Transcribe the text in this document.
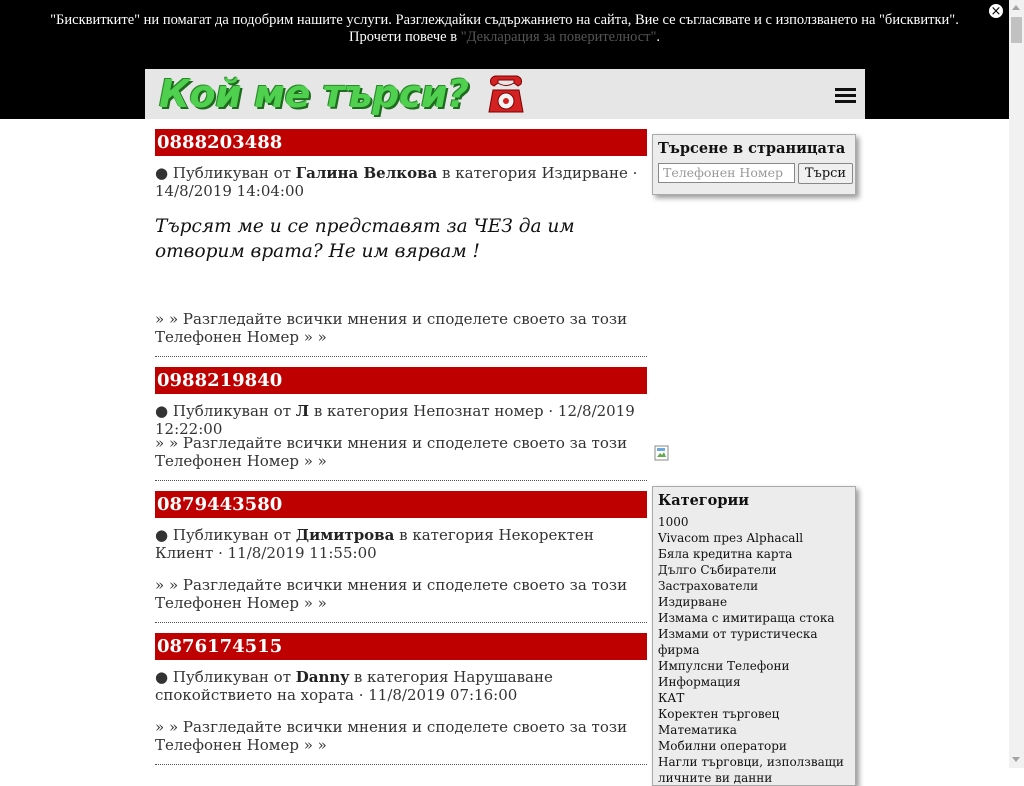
"Бисквитките" ни помагат да подобрим нашите услуги. Разглеждайки съдържанието на сайта, Вие се съгласявате и с използването на "бисквитки".
Прочети повече в "Декларация за поверителност".
×
Кой ме търси?
0888203488
● Публикуван от Галина Велкова в категория Издирване · 14/8/2019 14:04:00
Търсят ме и се представят за ЧЕЗ да им отворим врата? Не им вярвам !
» » Разгледайте всички мнения и споделете своето за този Телефонен Номер » »
0988219840
● Публикуван от Л в категория Непознат номер · 12/8/2019 12:22:00
» » Разгледайте всички мнения и споделете своето за този Телефонен Номер » »
0879443580
● Публикуван от Димитрова в категория Некоректен Клиент · 11/8/2019 11:55:00
» » Разгледайте всички мнения и споделете своето за този Телефонен Номер » »
0876174515
● Публикуван от Danny в категория Нарушаване спокойствието на хората · 11/8/2019 07:16:00
» » Разгледайте всички мнения и споделете своето за този Телефонен Номер » »
Търсене в страницата
Телефонен Номер	Търси
Категории
1000
Vivacom през Alphacall
Бяла кредитна карта
Дълго Събиратели
Застрахователи
Издирване
Измама с имитираща стока
Измами от туристическа фирма
Импулсни Телефони
Информация
КАТ
Коректен търговец
Математика
Мобилни оператори
Нагли търговци, използващи личните ви данни
